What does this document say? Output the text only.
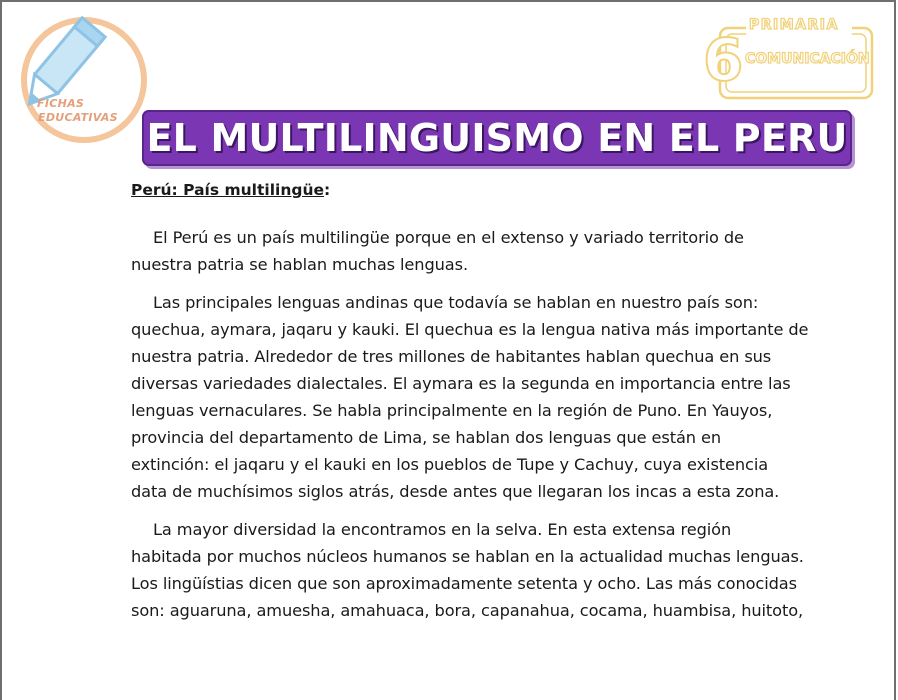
FICHAS
EDUCATIVAS
PRIMARIA
6 COMUNICACIÓN
EL MULTILINGUISMO EN EL PERU
Perú: País multilingüe:

El Perú es un país multilingüe porque en el extenso y variado territorio de
nuestra patria se hablan muchas lenguas.

Las principales lenguas andinas que todavía se hablan en nuestro país son:
quechua, aymara, jaqaru y kauki. El quechua es la lengua nativa más importante de
nuestra patria. Alrededor de tres millones de habitantes hablan quechua en sus
diversas variedades dialectales. El aymara es la segunda en importancia entre las
lenguas vernaculares. Se habla principalmente en la región de Puno. En Yauyos,
provincia del departamento de Lima, se hablan dos lenguas que están en
extinción: el jaqaru y el kauki en los pueblos de Tupe y Cachuy, cuya existencia
data de muchísimos siglos atrás, desde antes que llegaran los incas a esta zona.

La mayor diversidad la encontramos en la selva. En esta extensa región
habitada por muchos núcleos humanos se hablan en la actualidad muchas lenguas.
Los lingüístias dicen que son aproximadamente setenta y ocho. Las más conocidas
son: aguaruna, amuesha, amahuaca, bora, capanahua, cocama, huambisa, huitoto,
